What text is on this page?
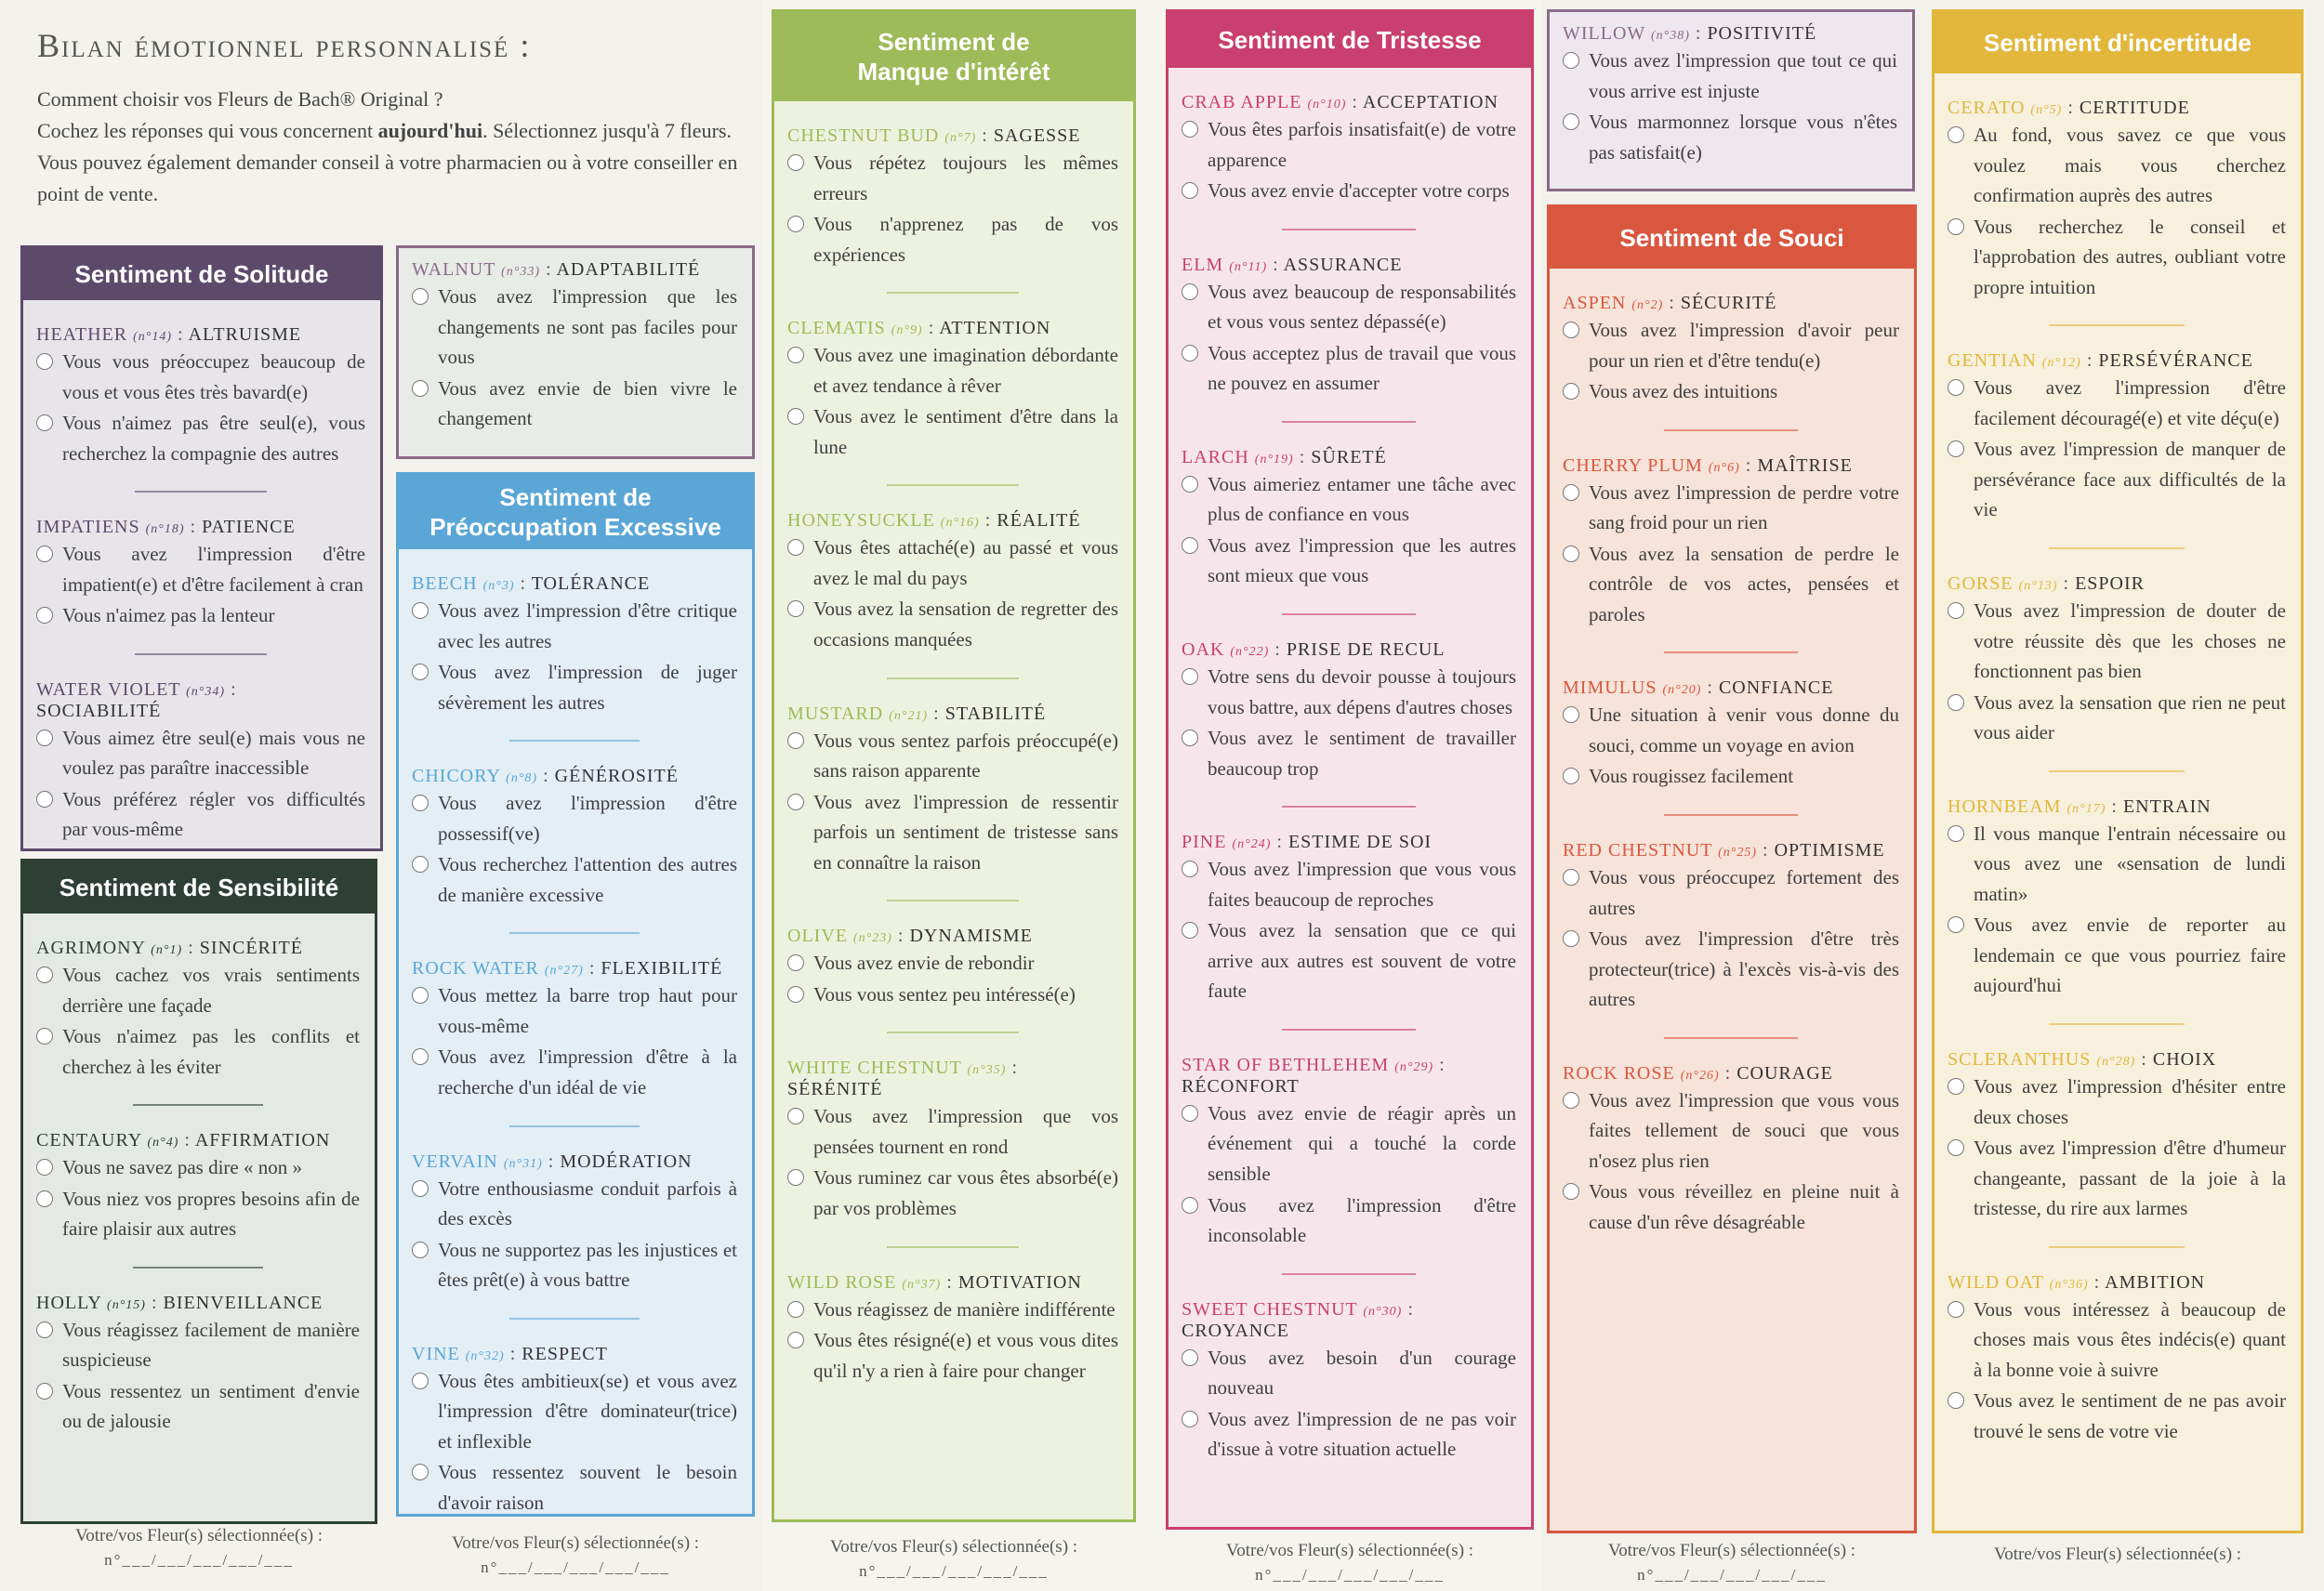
Bilan émotionnel personnalisé :
Comment choisir vos Fleurs de Bach® Original ?
Cochez les réponses qui vous concernent aujourd'hui. Sélectionnez jusqu'à 7 fleurs. Vous pouvez également demander conseil à votre pharmacien ou à votre conseiller en point de vente.
Sentiment de Solitude
HEATHER (n°14) : ALTRUISME
Vous vous préoccupez beaucoup de vous et vous êtes très bavard(e)
Vous n'aimez pas être seul(e), vous recherchez la compagnie des autres
IMPATIENS (n°18) : PATIENCE
Vous avez l'impression d'être impatient(e) et d'être facilement à cran
Vous n'aimez pas la lenteur
WATER VIOLET (n°34) : SOCIABILITÉ
Vous aimez être seul(e) mais vous ne voulez pas paraître inaccessible
Vous préférez régler vos difficultés par vous-même
Sentiment de Sensibilité
AGRIMONY (n°1) : SINCÉRITÉ
Vous cachez vos vrais sentiments derrière une façade
Vous n'aimez pas les conflits et cherchez à les éviter
CENTAURY (n°4) : AFFIRMATION
Vous ne savez pas dire « non »
Vous niez vos propres besoins afin de faire plaisir aux autres
HOLLY (n°15) : BIENVEILLANCE
Vous réagissez facilement de manière suspicieuse
Vous ressentez un sentiment d'envie ou de jalousie
WALNUT (n°33) : ADAPTABILITÉ
Vous avez l'impression que les changements ne sont pas faciles pour vous
Vous avez envie de bien vivre le changement
Sentiment de
Préoccupation Excessive
BEECH (n°3) : TOLÉRANCE
Vous avez l'impression d'être critique avec les autres
Vous avez l'impression de juger sévèrement les autres
CHICORY (n°8) : GÉNÉROSITÉ
Vous avez l'impression d'être possessif(ve)
Vous recherchez l'attention des autres de manière excessive
ROCK WATER (n°27) : FLEXIBILITÉ
Vous mettez la barre trop haut pour vous-même
Vous avez l'impression d'être à la recherche d'un idéal de vie
VERVAIN (n°31) : MODÉRATION
Votre enthousiasme conduit parfois à des excès
Vous ne supportez pas les injustices et êtes prêt(e) à vous battre
VINE (n°32) : RESPECT
Vous êtes ambitieux(se) et vous avez l'impression d'être dominateur(trice) et inflexible
Vous ressentez souvent le besoin d'avoir raison
Sentiment de
Manque d'intérêt
CHESTNUT BUD (n°7) : SAGESSE
Vous répétez toujours les mêmes erreurs
Vous n'apprenez pas de vos expériences
CLEMATIS (n°9) : ATTENTION
Vous avez une imagination débordante et avez tendance à rêver
Vous avez le sentiment d'être dans la lune
HONEYSUCKLE (n°16) : RÉALITÉ
Vous êtes attaché(e) au passé et vous avez le mal du pays
Vous avez la sensation de regretter des occasions manquées
MUSTARD (n°21) : STABILITÉ
Vous vous sentez parfois préoccupé(e) sans raison apparente
Vous avez l'impression de ressentir parfois un sentiment de tristesse sans en connaître la raison
OLIVE (n°23) : DYNAMISME
Vous avez envie de rebondir
Vous vous sentez peu intéressé(e)
WHITE CHESTNUT (n°35) : SÉRÉNITÉ
Vous avez l'impression que vos pensées tournent en rond
Vous ruminez car vous êtes absorbé(e) par vos problèmes
WILD ROSE (n°37) : MOTIVATION
Vous réagissez de manière indifférente
Vous êtes résigné(e) et vous vous dites qu'il n'y a rien à faire pour changer
Sentiment de Tristesse
CRAB APPLE (n°10) : ACCEPTATION
Vous êtes parfois insatisfait(e) de votre apparence
Vous avez envie d'accepter votre corps
ELM (n°11) : ASSURANCE
Vous avez beaucoup de responsabilités et vous vous sentez dépassé(e)
Vous acceptez plus de travail que vous ne pouvez en assumer
LARCH (n°19) : SÛRETÉ
Vous aimeriez entamer une tâche avec plus de confiance en vous
Vous avez l'impression que les autres sont mieux que vous
OAK (n°22) : PRISE DE RECUL
Votre sens du devoir pousse à toujours vous battre, aux dépens d'autres choses
Vous avez le sentiment de travailler beaucoup trop
PINE (n°24) : ESTIME DE SOI
Vous avez l'impression que vous vous faites beaucoup de reproches
Vous avez la sensation que ce qui arrive aux autres est souvent de votre faute
STAR OF BETHLEHEM (n°29) : RÉCONFORT
Vous avez envie de réagir après un événement qui a touché la corde sensible
Vous avez l'impression d'être inconsolable
SWEET CHESTNUT (n°30) : CROYANCE
Vous avez besoin d'un courage nouveau
Vous avez l'impression de ne pas voir d'issue à votre situation actuelle
WILLOW (n°38) : POSITIVITÉ
Vous avez l'impression que tout ce qui vous arrive est injuste
Vous marmonnez lorsque vous n'êtes pas satisfait(e)
Sentiment de Souci
ASPEN (n°2) : SÉCURITÉ
Vous avez l'impression d'avoir peur pour un rien et d'être tendu(e)
Vous avez des intuitions
CHERRY PLUM (n°6) : MAÎTRISE
Vous avez l'impression de perdre votre sang froid pour un rien
Vous avez la sensation de perdre le contrôle de vos actes, pensées et paroles
MIMULUS (n°20) : CONFIANCE
Une situation à venir vous donne du souci, comme un voyage en avion
Vous rougissez facilement
RED CHESTNUT (n°25) : OPTIMISME
Vous vous préoccupez fortement des autres
Vous avez l'impression d'être très protecteur(trice) à l'excès vis-à-vis des autres
ROCK ROSE (n°26) : COURAGE
Vous avez l'impression que vous vous faites tellement de souci que vous n'osez plus rien
Vous vous réveillez en pleine nuit à cause d'un rêve désagréable
Sentiment d'incertitude
CERATO (n°5) : CERTITUDE
Au fond, vous savez ce que vous voulez mais vous cherchez confirmation auprès des autres
Vous recherchez le conseil et l'approbation des autres, oubliant votre propre intuition
GENTIAN (n°12) : PERSÉVÉRANCE
Vous avez l'impression d'être facilement découragé(e) et vite déçu(e)
Vous avez l'impression de manquer de persévérance face aux difficultés de la vie
GORSE (n°13) : ESPOIR
Vous avez l'impression de douter de votre réussite dès que les choses ne fonctionnent pas bien
Vous avez la sensation que rien ne peut vous aider
HORNBEAM (n°17) : ENTRAIN
Il vous manque l'entrain nécessaire ou vous avez une «sensation de lundi matin»
Vous avez envie de reporter au lendemain ce que vous pourriez faire aujourd'hui
SCLERANTHUS (n°28) : CHOIX
Vous avez l'impression d'hésiter entre deux choses
Vous avez l'impression d'être d'humeur changeante, passant de la joie à la tristesse, du rire aux larmes
WILD OAT (n°36) : AMBITION
Vous vous intéressez à beaucoup de choses mais vous êtes indécis(e) quant à la bonne voie à suivre
Vous avez le sentiment de ne pas avoir trouvé le sens de votre vie
Votre/vos Fleur(s) sélectionnée(s) :
n°___/___/___/___/___
Votre/vos Fleur(s) sélectionnée(s) :
n°___/___/___/___/___
Votre/vos Fleur(s) sélectionnée(s) :
n°___/___/___/___/___
Votre/vos Fleur(s) sélectionnée(s) :
n°___/___/___/___/___
Votre/vos Fleur(s) sélectionnée(s) :
n°___/___/___/___/___
Votre/vos Fleur(s) sélectionnée(s) :
